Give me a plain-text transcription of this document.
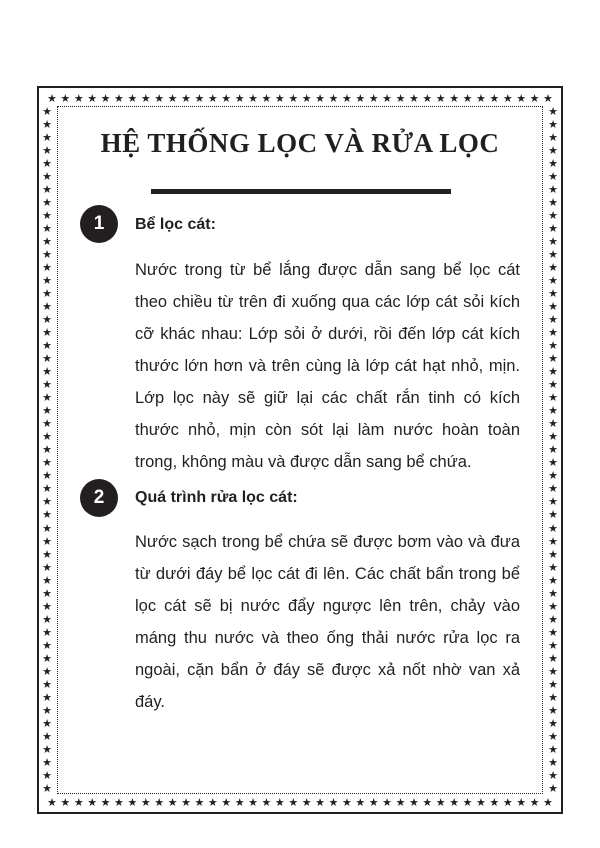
★ ★ ★ ★ ★ ★ ★ ★ ★ ★ ★ ★ ★ ★ ★ ★ ★ ★ ★ ★ ★ ★ ★ ★ ★ ★ ★ ★ ★ ★ ★ ★ ★ ★ ★ ★ ★ ★
★ ★ ★ ★ ★ ★ ★ ★ ★ ★ ★ ★ ★ ★ ★ ★ ★ ★ ★ ★ ★ ★ ★ ★ ★ ★ ★ ★ ★ ★ ★ ★ ★ ★ ★ ★ ★ ★
★
★
★
★
★
★
★
★
★
★
★
★
★
★
★
★
★
★
★
★
★
★
★
★
★
★
★
★
★
★
★
★
★
★
★
★
★
★
★
★
★
★
★
★
★
★
★
★
★
★
★
★
★
★
★
★
★
★
★
★
★
★
★
★
★
★
★
★
★
★
★
★
★
★
★
★
★
★
★
★
★
★
★
★
★
★
★
★
★
★
★
★
★
★
★
★
★
★
★
★
★
★
★
★
★
★
HỆ THỐNG LỌC VÀ RỬA LỌC
1	Bể lọc cát:

Nước trong từ bể lắng được dẫn sang bể lọc cát theo chiều từ trên đi xuống qua các lớp cát sỏi kích cỡ khác nhau: Lớp sỏi ở dưới, rồi đến lớp cát kích thước lớn hơn và trên cùng là lớp cát hạt nhỏ, mịn. Lớp lọc này sẽ giữ lại các chất rắn tinh có kích thước nhỏ, mịn còn sót lại làm nước hoàn toàn trong, không màu và được dẫn sang bể chứa.

2	Quá trình rửa lọc cát:

Nước sạch trong bể chứa sẽ được bơm vào và đưa từ dưới đáy bể lọc cát đi lên. Các chất bẩn trong bể lọc cát sẽ bị nước đẩy ngược lên trên, chảy vào máng thu nước và theo ống thải nước rửa lọc ra ngoài, cặn bẩn ở đáy sẽ được xả nốt nhờ van xả đáy.
